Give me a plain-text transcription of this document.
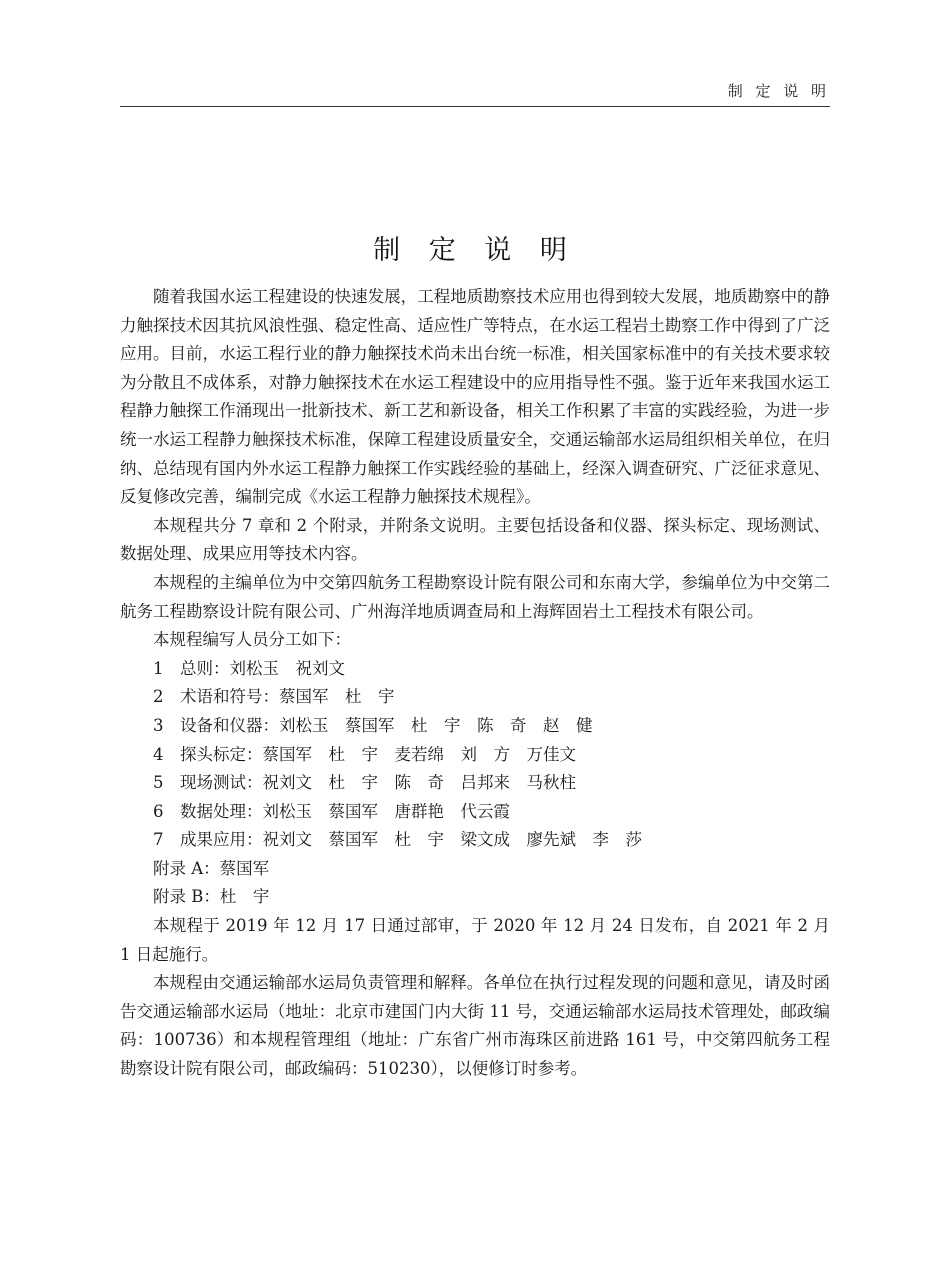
制 定 说 明
制 定 说 明

随着我国水运工程建设的快速发展，工程地质勘察技术应用也得到较大发展，地质勘察中的静力触探技术因其抗风浪性强、稳定性高、适应性广等特点，在水运工程岩土勘察工作中得到了广泛应用。目前，水运工程行业的静力触探技术尚未出台统一标准，相关国家标准中的有关技术要求较为分散且不成体系，对静力触探技术在水运工程建设中的应用指导性不强。鉴于近年来我国水运工程静力触探工作涌现出一批新技术、新工艺和新设备，相关工作积累了丰富的实践经验，为进一步统一水运工程静力触探技术标准，保障工程建设质量安全，交通运输部水运局组织相关单位，在归纳、总结现有国内外水运工程静力触探工作实践经验的基础上，经深入调查研究、广泛征求意见、反复修改完善，编制完成《水运工程静力触探技术规程》。

本规程共分 7 章和 2 个附录，并附条文说明。主要包括设备和仪器、探头标定、现场测试、数据处理、成果应用等技术内容。

本规程的主编单位为中交第四航务工程勘察设计院有限公司和东南大学，参编单位为中交第二航务工程勘察设计院有限公司、广州海洋地质调查局和上海辉固岩土工程技术有限公司。

本规程编写人员分工如下：

1　总则：刘松玉　祝刘文
2　术语和符号：蔡国军　杜　宇
3　设备和仪器：刘松玉　蔡国军　杜　宇　陈　奇　赵　健
4　探头标定：蔡国军　杜　宇　麦若绵　刘　方　万佳文
5　现场测试：祝刘文　杜　宇　陈　奇　吕邦来　马秋柱
6　数据处理：刘松玉　蔡国军　唐群艳　代云霞
7　成果应用：祝刘文　蔡国军　杜　宇　梁文成　廖先斌　李　莎
附录 A：蔡国军
附录 B：杜　宇

本规程于 2019 年 12 月 17 日通过部审，于 2020 年 12 月 24 日发布，自 2021 年 2 月 1 日起施行。

本规程由交通运输部水运局负责管理和解释。各单位在执行过程发现的问题和意见，请及时函告交通运输部水运局（地址：北京市建国门内大街 11 号，交通运输部水运局技术管理处，邮政编码：100736）和本规程管理组（地址：广东省广州市海珠区前进路 161 号，中交第四航务工程勘察设计院有限公司，邮政编码：510230），以便修订时参考。
